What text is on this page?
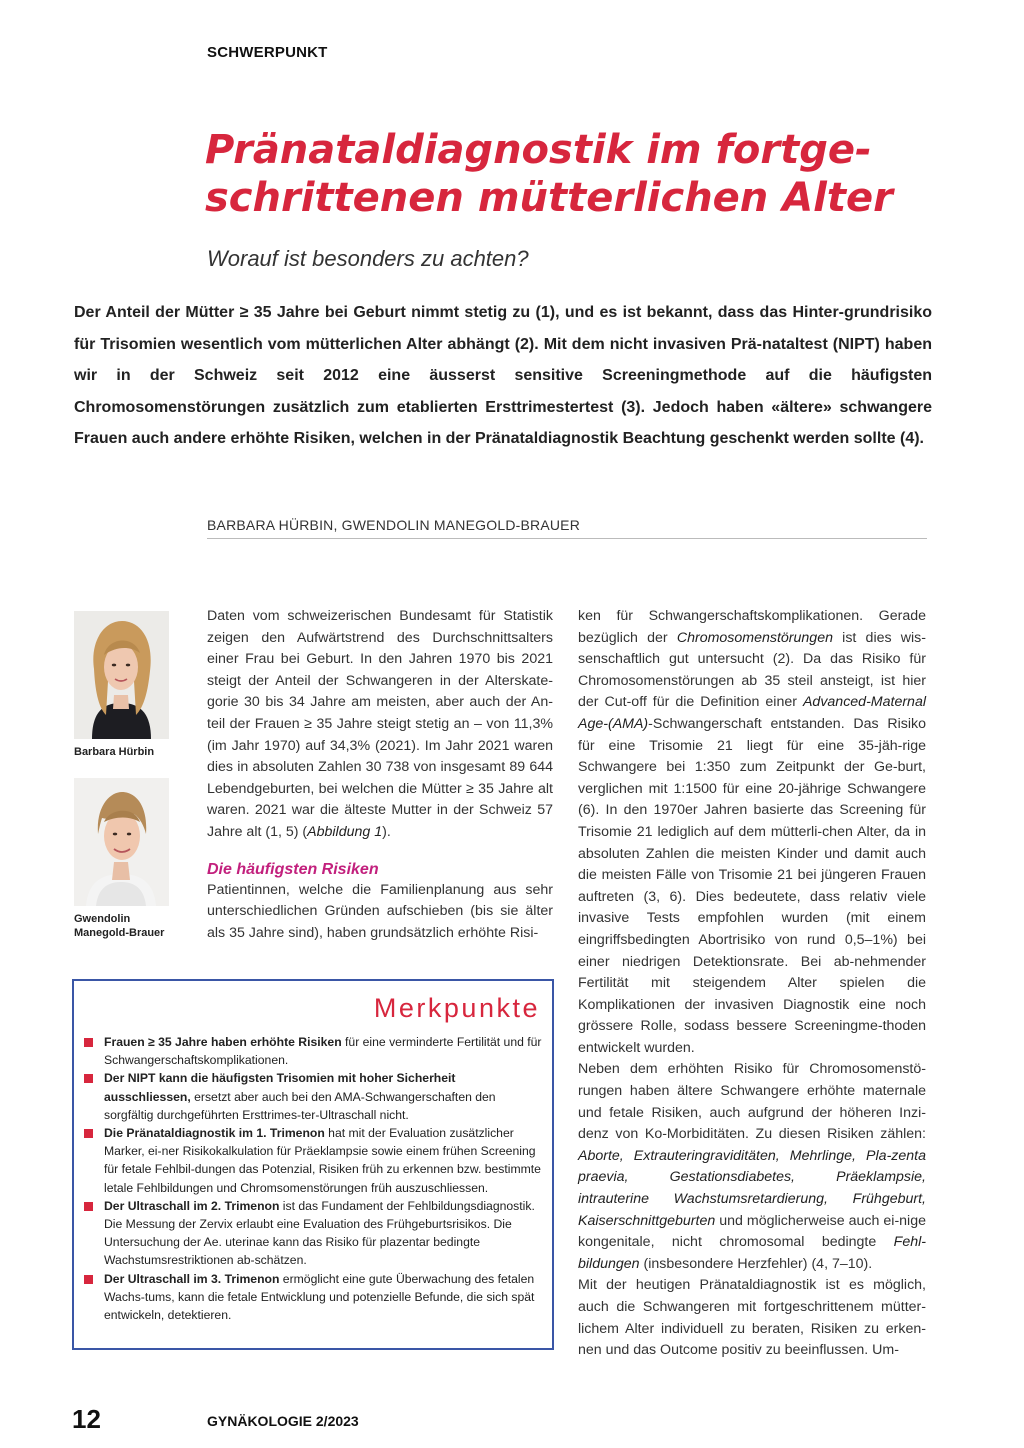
SCHWERPUNKT
Pränataldiagnostik im fortge-
schrittenen mütterlichen Alter
Worauf ist besonders zu achten?

Der Anteil der Mütter ≥ 35 Jahre bei Geburt nimmt stetig zu (1), und es ist bekannt, dass das Hinter-grundrisiko für Trisomien wesentlich vom mütterlichen Alter abhängt (2). Mit dem nicht invasiven Prä-nataltest (NIPT) haben wir in der Schweiz seit 2012 eine äusserst sensitive Screeningmethode auf die häufigsten Chromosomenstörungen zusätzlich zum etablierten Ersttrimestertest (3). Jedoch haben «ältere» schwangere Frauen auch andere erhöhte Risiken, welchen in der Pränataldiagnostik Beachtung geschenkt werden sollte (4).

BARBARA HÜRBIN, GWENDOLIN MANEGOLD-BRAUER
Barbara Hürbin
Gwendolin Manegold-Brauer

Daten vom schweizerischen Bundesamt für Statistik zeigen den Aufwärtstrend des Durchschnittsalters einer Frau bei Geburt. In den Jahren 1970 bis 2021 steigt der Anteil der Schwangeren in der Alterskate-gorie 30 bis 34 Jahre am meisten, aber auch der An-teil der Frauen ≥ 35 Jahre steigt stetig an – von 11,3% (im Jahr 1970) auf 34,3% (2021). Im Jahr 2021 waren dies in absoluten Zahlen 30 738 von insgesamt 89 644 Lebendgeburten, bei welchen die Mütter ≥ 35 Jahre alt waren. 2021 war die älteste Mutter in der Schweiz 57 Jahre alt (1, 5) (Abbildung 1).

Die häufigsten Risiken

Patientinnen, welche die Familienplanung aus sehr unterschiedlichen Gründen aufschieben (bis sie älter als 35 Jahre sind), haben grundsätzlich erhöhte Risi-

ken für Schwangerschaftskomplikationen. Gerade bezüglich der Chromosomenstörungen ist dies wis-senschaftlich gut untersucht (2). Da das Risiko für Chromosomenstörungen ab 35 steil ansteigt, ist hier der Cut-off für die Definition einer Advanced-Maternal Age-(AMA)-Schwangerschaft entstanden. Das Risiko für eine Trisomie 21 liegt für eine 35-jäh-rige Schwangere bei 1:350 zum Zeitpunkt der Ge-burt, verglichen mit 1:1500 für eine 20-jährige Schwangere (6). In den 1970er Jahren basierte das Screening für Trisomie 21 lediglich auf dem mütterli-chen Alter, da in absoluten Zahlen die meisten Kinder und damit auch die meisten Fälle von Trisomie 21 bei jüngeren Frauen auftreten (3, 6). Dies bedeutete, dass relativ viele invasive Tests empfohlen wurden (mit einem eingriffsbedingten Abortrisiko von rund 0,5–1%) bei einer niedrigen Detektionsrate. Bei ab-nehmender Fertilität mit steigendem Alter spielen die Komplikationen der invasiven Diagnostik eine noch grössere Rolle, sodass bessere Screeningme-thoden entwickelt wurden.

Neben dem erhöhten Risiko für Chromosomenstö-rungen haben ältere Schwangere erhöhte maternale und fetale Risiken, auch aufgrund der höheren Inzi-denz von Ko-Morbiditäten. Zu diesen Risiken zählen: Aborte, Extrauteringraviditäten, Mehrlinge, Pla-zenta praevia, Gestationsdiabetes, Präeklampsie, intrauterine Wachstumsretardierung, Frühgeburt, Kaiserschnittgeburten und möglicherweise auch ei-nige kongenitale, nicht chromosomal bedingte Fehl-bildungen (insbesondere Herzfehler) (4, 7–10).

Mit der heutigen Pränataldiagnostik ist es möglich, auch die Schwangeren mit fortgeschrittenem mütter-lichem Alter individuell zu beraten, Risiken zu erken-nen und das Outcome positiv zu beeinflussen. Um-

Merkpunkte
Frauen ≥ 35 Jahre haben erhöhte Risiken für eine verminderte Fertilität und für Schwangerschaftskomplikationen.
Der NIPT kann die häufigsten Trisomien mit hoher Sicherheit ausschliessen, ersetzt aber auch bei den AMA-Schwangerschaften den sorgfältig durchgeführten Ersttrimes-ter-Ultraschall nicht.
Die Pränataldiagnostik im 1. Trimenon hat mit der Evaluation zusätzlicher Marker, ei-ner Risikokalkulation für Präeklampsie sowie einem frühen Screening für fetale Fehlbil-dungen das Potenzial, Risiken früh zu erkennen bzw. bestimmte letale Fehlbildungen und Chromsomenstörungen früh auszuschliessen.
Der Ultraschall im 2. Trimenon ist das Fundament der Fehlbildungsdiagnostik. Die Messung der Zervix erlaubt eine Evaluation des Frühgeburtsrisikos. Die Untersuchung der Ae. uterinae kann das Risiko für plazentar bedingte Wachstumsrestriktionen ab-schätzen.
Der Ultraschall im 3. Trimenon ermöglicht eine gute Überwachung des fetalen Wachs-tums, kann die fetale Entwicklung und potenzielle Befunde, die sich spät entwickeln, detektieren.
12	GYNÄKOLOGIE 2/2023
